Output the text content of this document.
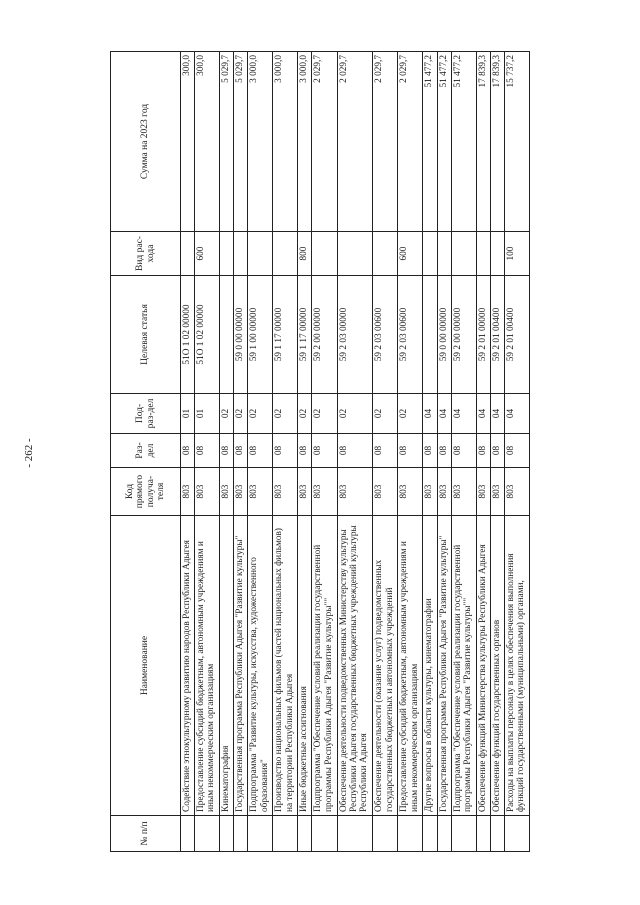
- 262 -
№ п/п	Наименование	Код прямого получа-теля	Раз-дел	Под-раз-дел	Целевая статья	Вид рас-хода	Сумма на 2023 год
	Содействие этнокультурному развитию народов Республики Адыгея	803	08	01	51О 1 02 00000		300,0
	Предоставление субсидий бюджетным, автономным учреждениям и иным некоммерческим организациям	803	08	01	51О 1 02 00000	600	300,0
	Кинематография	803	08	02			5 029,7
	Государственная программа Республики Адыгея "Развитие культуры"	803	08	02	59 0 00 00000		5 029,7
	Подпрограмма "Развитие культуры, искусства, художественного образования"	803	08	02	59 1 00 00000		3 000,0
	Производство национальных фильмов (частей национальных фильмов) на территории Республики Адыгея	803	08	02	59 1 17 00000		3 000,0
	Иные бюджетные ассигнования	803	08	02	59 1 17 00000	800	3 000,0
	Подпрограмма "Обеспечение условий реализации государственной программы Республики Адыгея "Развитие культуры""	803	08	02	59 2 00 00000		2 029,7
	Обеспечение деятельности подведомственных Министерству культуры Республики Адыгея государственных бюджетных учреждений культуры Республики Адыгея	803	08	02	59 2 03 00000		2 029,7
	Обеспечение деятельности (оказание услуг) подведомственных государственных бюджетных и автономных учреждений	803	08	02	59 2 03 00600		2 029,7
	Предоставление субсидий бюджетным, автономным учреждениям и иным некоммерческим организациям	803	08	02	59 2 03 00600	600	2 029,7
	Другие вопросы в области культуры, кинематографии	803	08	04			51 477,2
	Государственная программа Республики Адыгея "Развитие культуры"	803	08	04	59 0 00 00000		51 477,2
	Подпрограмма "Обеспечение условий реализации государственной программы Республики Адыгея "Развитие культуры""	803	08	04	59 2 00 00000		51 477,2
	Обеспечение функций Министерства культуры Республики Адыгея	803	08	04	59 2 01 00000		17 839,3
	Обеспечение функций государственных органов	803	08	04	59 2 01 00400		17 839,3
	Расходы на выплаты персоналу в целях обеспечения выполнения функций государственными (муниципальными) органами,	803	08	04	59 2 01 00400	100	15 737,2
